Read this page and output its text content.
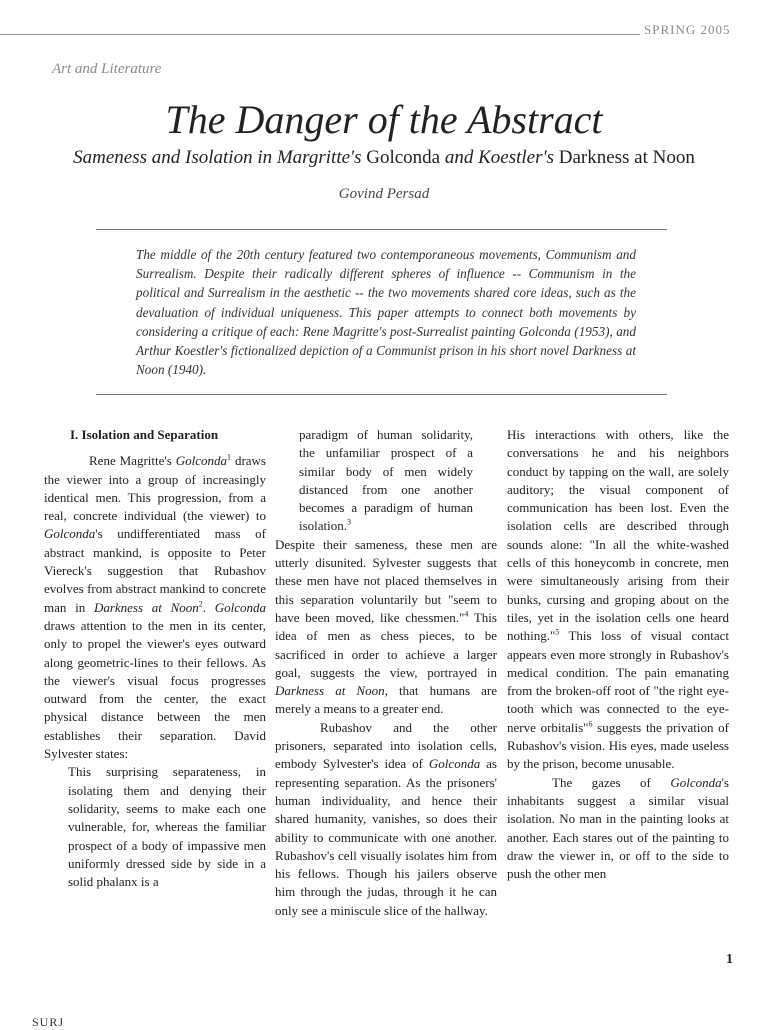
SPRING 2005
Art and Literature
The Danger of the Abstract
Sameness and Isolation in Margritte's Golconda and Koestler's Darkness at Noon
Govind Persad

The middle of the 20th century featured two contemporaneous movements, Communism and Surrealism. Despite their radically different spheres of influence -- Communism in the political and Surrealism in the aesthetic -- the two movements shared core ideas, such as the devaluation of individual uniqueness. This paper attempts to connect both movements by considering a critique of each: Rene Magritte's post-Surrealist painting Golconda (1953), and Arthur Koestler's fictionalized depiction of a Communist prison in his short novel Darkness at Noon (1940).

I. Isolation and Separation

Rene Magritte's Golconda$^1$ draws the viewer into a group of increasingly identical men. This progression, from a real, concrete individual (the viewer) to Golconda's undifferentiated mass of abstract mankind, is opposite to Peter Viereck's suggestion that Rubashov evolves from abstract mankind to concrete man in Darkness at Noon$^2$. Golconda draws attention to the men in its center, only to propel the viewer's eyes outward along geometric-lines to their fellows. As the viewer's visual focus progresses outward from the center, the exact physical distance between the men establishes their separation. David Sylvester states:

This surprising separateness, in isolating them and denying their solidarity, seems to make each one vulnerable, for, whereas the familiar prospect of a body of impassive men uniformly dressed side by side in a solid phalanx is a

paradigm of human solidarity, the unfamiliar prospect of a similar body of men widely distanced from one another becomes a paradigm of human isolation.$^3$

Despite their sameness, these men are utterly disunited. Sylvester suggests that these men have not placed themselves in this separation voluntarily but "seem to have been moved, like chessmen."$^4$ This idea of men as chess pieces, to be sacrificed in order to achieve a larger goal, suggests the view, portrayed in Darkness at Noon, that humans are merely a means to a greater end.

Rubashov and the other prisoners, separated into isolation cells, embody Sylvester's idea of Golconda as representing separation. As the prisoners' human individuality, and hence their shared humanity, vanishes, so does their ability to communicate with one another. Rubashov's cell visually isolates him from his fellows. Though his jailers observe him through the judas, through it he can only see a miniscule slice of the hallway.

His interactions with others, like the conversations he and his neighbors conduct by tapping on the wall, are solely auditory; the visual component of communication has been lost. Even the isolation cells are described through sounds alone: "In all the white-washed cells of this honeycomb in concrete, men were simultaneously arising from their bunks, cursing and groping about on the tiles, yet in the isolation cells one heard nothing."$^5$ This loss of visual contact appears even more strongly in Rubashov's medical condition. The pain emanating from the broken-off root of "the right eye-tooth which was connected to the eye-nerve orbitalis"$^6$ suggests the privation of Rubashov's vision. His eyes, made useless by the prison, become unusable.

The gazes of Golconda's inhabitants suggest a similar visual isolation. No man in the painting looks at another. Each stares out of the painting to draw the viewer in, or off to the side to push the other men

1
SURJ
